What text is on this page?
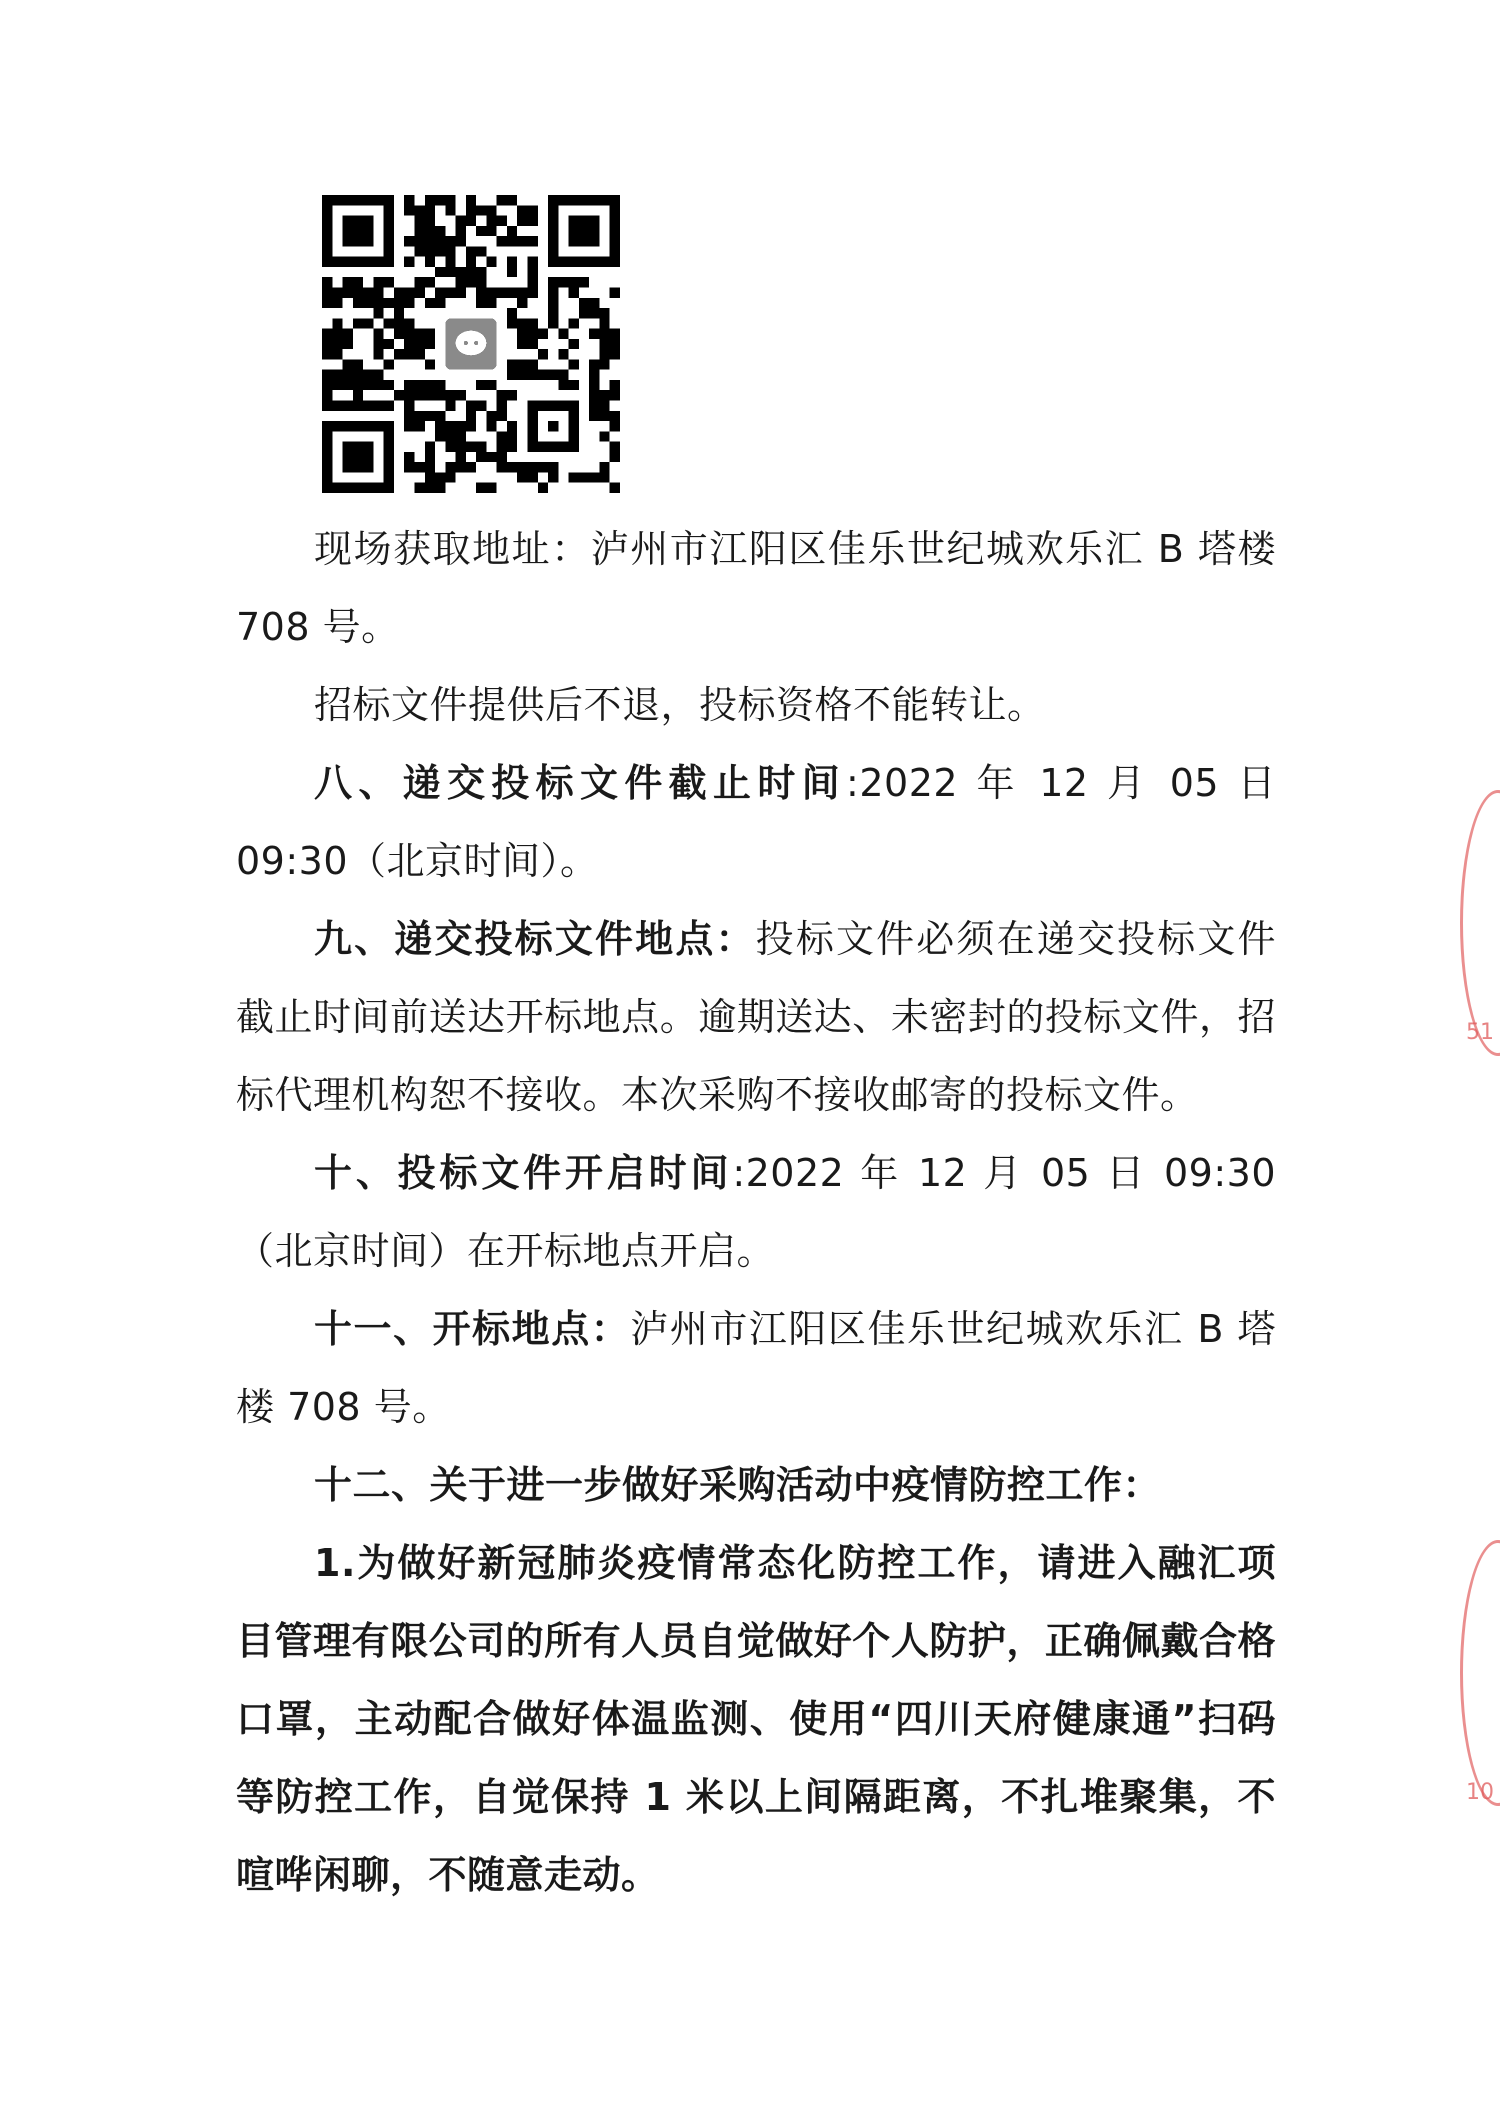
现场获取地址：泸州市江阳区佳乐世纪城欢乐汇 B 塔楼 708 号。

招标文件提供后不退，投标资格不能转让。

八、递交投标文件截止时间:2022 年 12 月 05 日 09:30（北京时间）。

九、递交投标文件地点：投标文件必须在递交投标文件截止时间前送达开标地点。逾期送达、未密封的投标文件，招标代理机构恕不接收。本次采购不接收邮寄的投标文件。

十、投标文件开启时间:2022 年 12 月 05 日 09:30（北京时间）在开标地点开启。

十一、开标地点：泸州市江阳区佳乐世纪城欢乐汇 B 塔楼 708 号。

十二、关于进一步做好采购活动中疫情防控工作：

1.为做好新冠肺炎疫情常态化防控工作，请进入融汇项目管理有限公司的所有人员自觉做好个人防护，正确佩戴合格口罩，主动配合做好体温监测、使用“四川天府健康通”扫码等防控工作，自觉保持 1 米以上间隔距离，不扎堆聚集，不喧哗闲聊，不随意走动。

51
10
